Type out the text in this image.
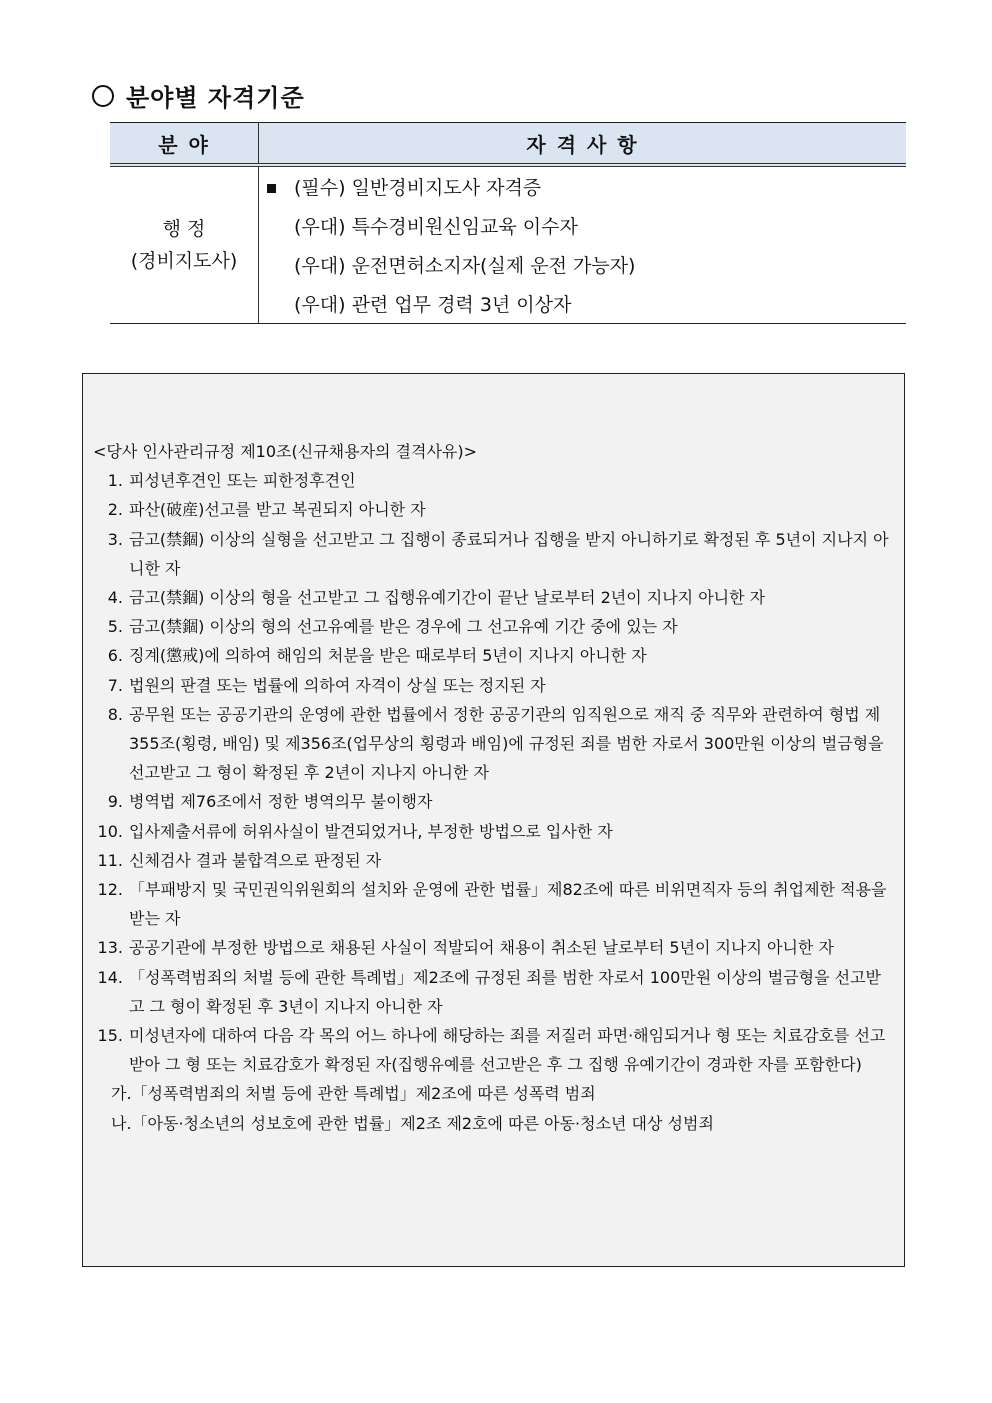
분야별 자격기준
분 야	자 격 사 항
행 정
(경비지도사)
(필수) 일반경비지도사 자격증
(우대) 특수경비원신임교육 이수자
(우대) 운전면허소지자(실제 운전 가능자)
(우대) 관련 업무 경력 3년 이상자
<당사 인사관리규정 제10조(신규채용자의 결격사유)>
1. 피성년후견인 또는 피한정후견인
2. 파산(破産)선고를 받고 복권되지 아니한 자
3. 금고(禁錮) 이상의 실형을 선고받고 그 집행이 종료되거나 집행을 받지 아니하기로 확정된 후 5년이 지나지 아니한 자
4. 금고(禁錮) 이상의 형을 선고받고 그 집행유예기간이 끝난 날로부터 2년이 지나지 아니한 자
5. 금고(禁錮) 이상의 형의 선고유예를 받은 경우에 그 선고유예 기간 중에 있는 자
6. 징계(懲戒)에 의하여 해임의 처분을 받은 때로부터 5년이 지나지 아니한 자
7. 법원의 판결 또는 법률에 의하여 자격이 상실 또는 정지된 자
8. 공무원 또는 공공기관의 운영에 관한 법률에서 정한 공공기관의 임직원으로 재직 중 직무와 관련하여 형법 제355조(횡령, 배임) 및 제356조(업무상의 횡령과 배임)에 규정된 죄를 범한 자로서 300만원 이상의 벌금형을 선고받고 그 형이 확정된 후 2년이 지나지 아니한 자
9. 병역법 제76조에서 정한 병역의무 불이행자
10. 입사제출서류에 허위사실이 발견되었거나, 부정한 방법으로 입사한 자
11. 신체검사 결과 불합격으로 판정된 자
12. 「부패방지 및 국민권익위원회의 설치와 운영에 관한 법률」제82조에 따른 비위면직자 등의 취업제한 적용을 받는 자
13. 공공기관에 부정한 방법으로 채용된 사실이 적발되어 채용이 취소된 날로부터 5년이 지나지 아니한 자
14. 「성폭력범죄의 처벌 등에 관한 특례법」제2조에 규정된 죄를 범한 자로서 100만원 이상의 벌금형을 선고받고 그 형이 확정된 후 3년이 지나지 아니한 자
15. 미성년자에 대하여 다음 각 목의 어느 하나에 해당하는 죄를 저질러 파면·해임되거나 형 또는 치료감호를 선고받아 그 형 또는 치료감호가 확정된 자(집행유예를 선고받은 후 그 집행 유예기간이 경과한 자를 포함한다)
가.「성폭력범죄의 처벌 등에 관한 특례법」제2조에 따른 성폭력 범죄
나.「아동·청소년의 성보호에 관한 법률」제2조 제2호에 따른 아동·청소년 대상 성범죄
